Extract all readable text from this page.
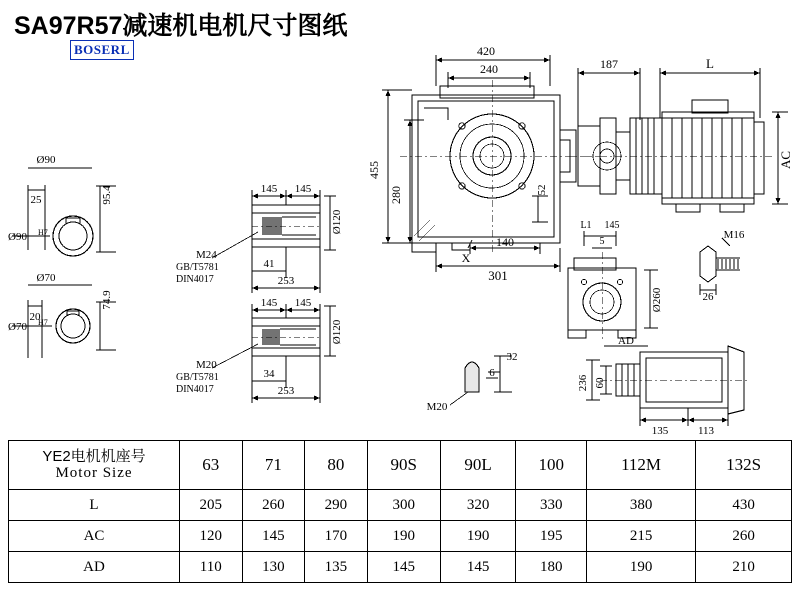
SA97R57减速机电机尺寸图纸
BOSERL	420
240	187	L
455
280	52
140
301
X
AC
L1 145
5
M16
Ø260	26
AD
32
6
M20
236 60
135	113
Ø90
25	95.4
Ø90 H7
Ø70
20
74.9
Ø70 H7
145 145
Ø120
M24
GB/T5781
DIN4017
41
253
145 145
Ø120
M20
GB/T5781
DIN4017
34
253
YE2电机机座号
Motor Size	63	71	80	90S	90L	100	112M	132S
L	205	260	290	300	320	330	380	430
AC	120	145	170	190	190	195	215	260
AD	110	130	135	145	145	180	190	210
